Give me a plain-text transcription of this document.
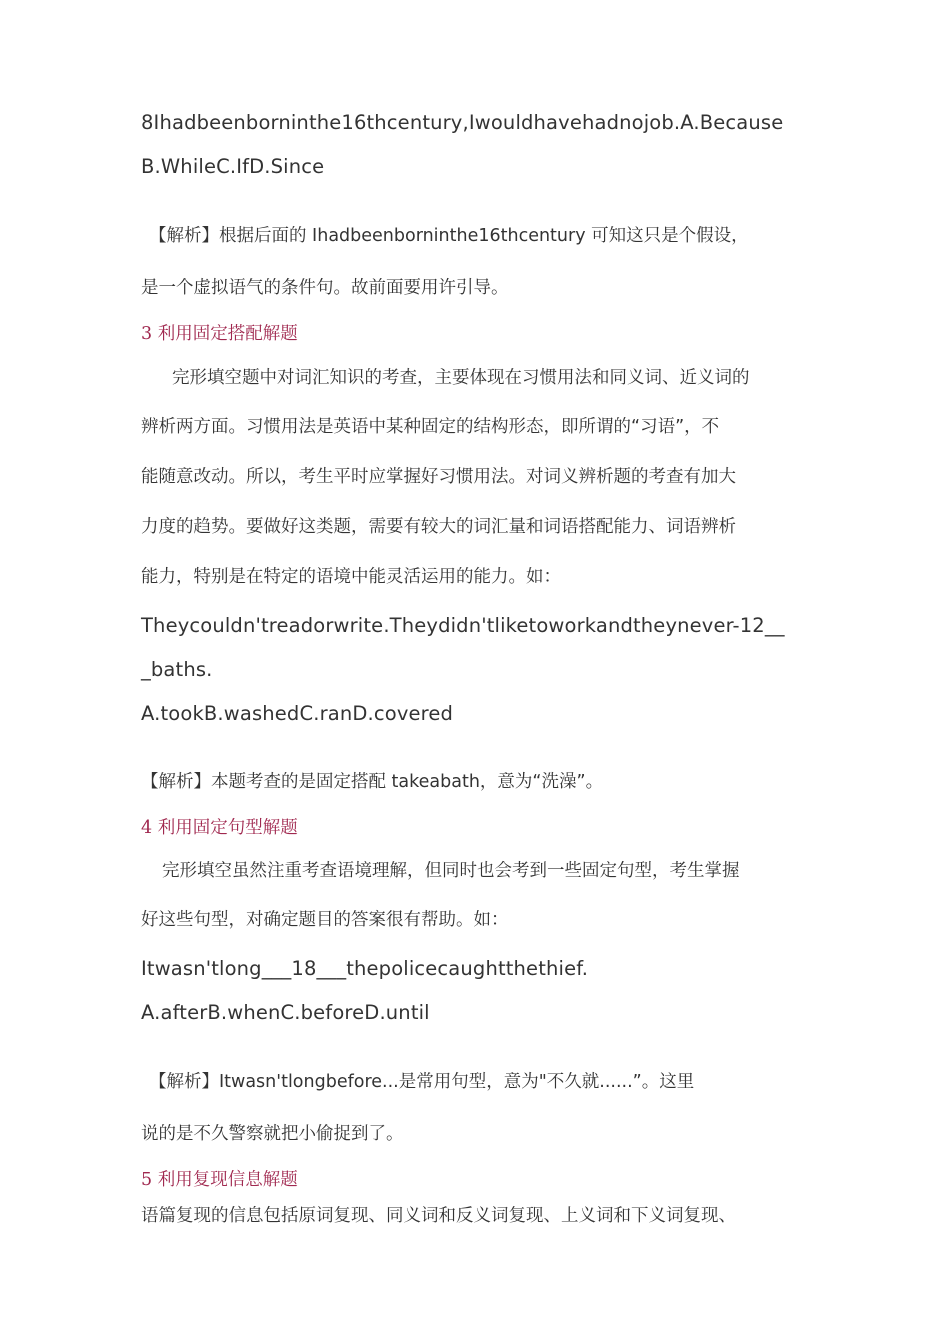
8Ihadbeenborninthe16thcentury,Iwouldhavehadnojob.A.Because
B.WhileC.IfD.Since
【解析】根据后面的 Ihadbeenborninthe16thcentury 可知这只是个假设，
是一个虚拟语气的条件句。故前面要用许引导。
3 利用固定搭配解题
完形填空题中对词汇知识的考查，主要体现在习惯用法和同义词、近义词的
辨析两方面。习惯用法是英语中某种固定的结构形态，即所谓的“习语”，不
能随意改动。所以，考生平时应掌握好习惯用法。对词义辨析题的考查有加大
力度的趋势。要做好这类题，需要有较大的词汇量和词语搭配能力、词语辨析
能力，特别是在特定的语境中能灵活运用的能力。如：
Theycouldn'treadorwrite.Theydidn'tliketoworkandtheynever-12__
_baths.
A.tookB.washedC.ranD.covered
【解析】本题考查的是固定搭配 takeabath，意为“洗澡”。
4 利用固定句型解题
完形填空虽然注重考查语境理解，但同时也会考到一些固定句型，考生掌握
好这些句型，对确定题目的答案很有帮助。如：
Itwasn'tlong___18___thepolicecaughtthethief.
A.afterB.whenC.beforeD.until
【解析】Itwasn'tlongbefore...是常用句型，意为"不久就......”。这里
说的是不久警察就把小偷捉到了。
5 利用复现信息解题
语篇复现的信息包括原词复现、同义词和反义词复现、上义词和下义词复现、
